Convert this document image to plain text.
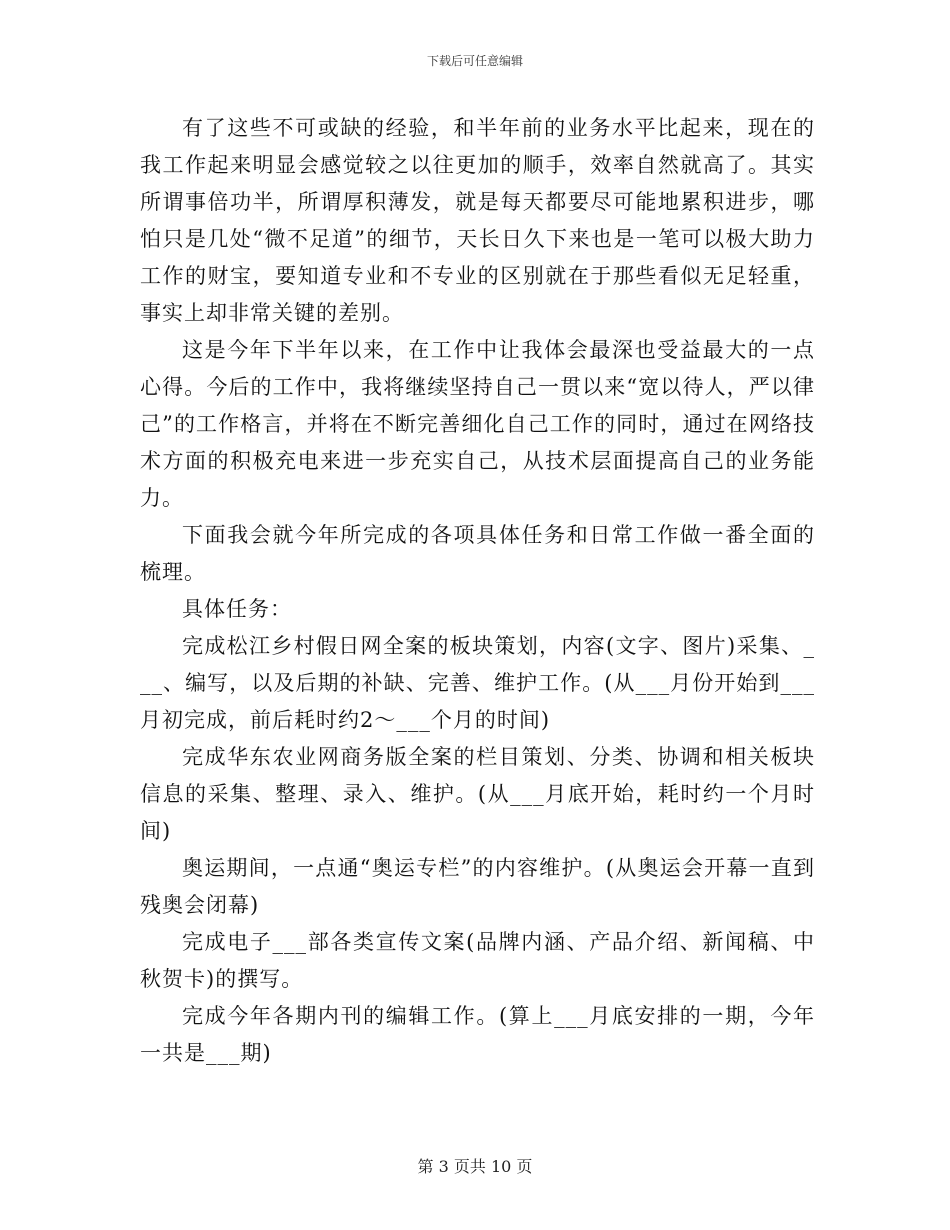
下载后可任意编辑

有了这些不可或缺的经验，和半年前的业务水平比起来，现在的我工作起来明显会感觉较之以往更加的顺手，效率自然就高了。其实所谓事倍功半，所谓厚积薄发，就是每天都要尽可能地累积进步，哪怕只是几处“微不足道”的细节，天长日久下来也是一笔可以极大助力工作的财宝，要知道专业和不专业的区别就在于那些看似无足轻重，事实上却非常关键的差别。

这是今年下半年以来，在工作中让我体会最深也受益最大的一点心得。今后的工作中，我将继续坚持自己一贯以来“宽以待人，严以律己”的工作格言，并将在不断完善细化自己工作的同时，通过在网络技术方面的积极充电来进一步充实自己，从技术层面提高自己的业务能力。

下面我会就今年所完成的各项具体任务和日常工作做一番全面的梳理。

具体任务：

完成松江乡村假日网全案的板块策划，内容(文字、图片)采集、___、编写，以及后期的补缺、完善、维护工作。(从___月份开始到___月初完成，前后耗时约2～___个月的时间)

完成华东农业网商务版全案的栏目策划、分类、协调和相关板块信息的采集、整理、录入、维护。(从___月底开始，耗时约一个月时间)

奥运期间，一点通“奥运专栏”的内容维护。(从奥运会开幕一直到残奥会闭幕)

完成电子___部各类宣传文案(品牌内涵、产品介绍、新闻稿、中秋贺卡)的撰写。

完成今年各期内刊的编辑工作。(算上___月底安排的一期，今年一共是___期)

第 3 页共 10 页
